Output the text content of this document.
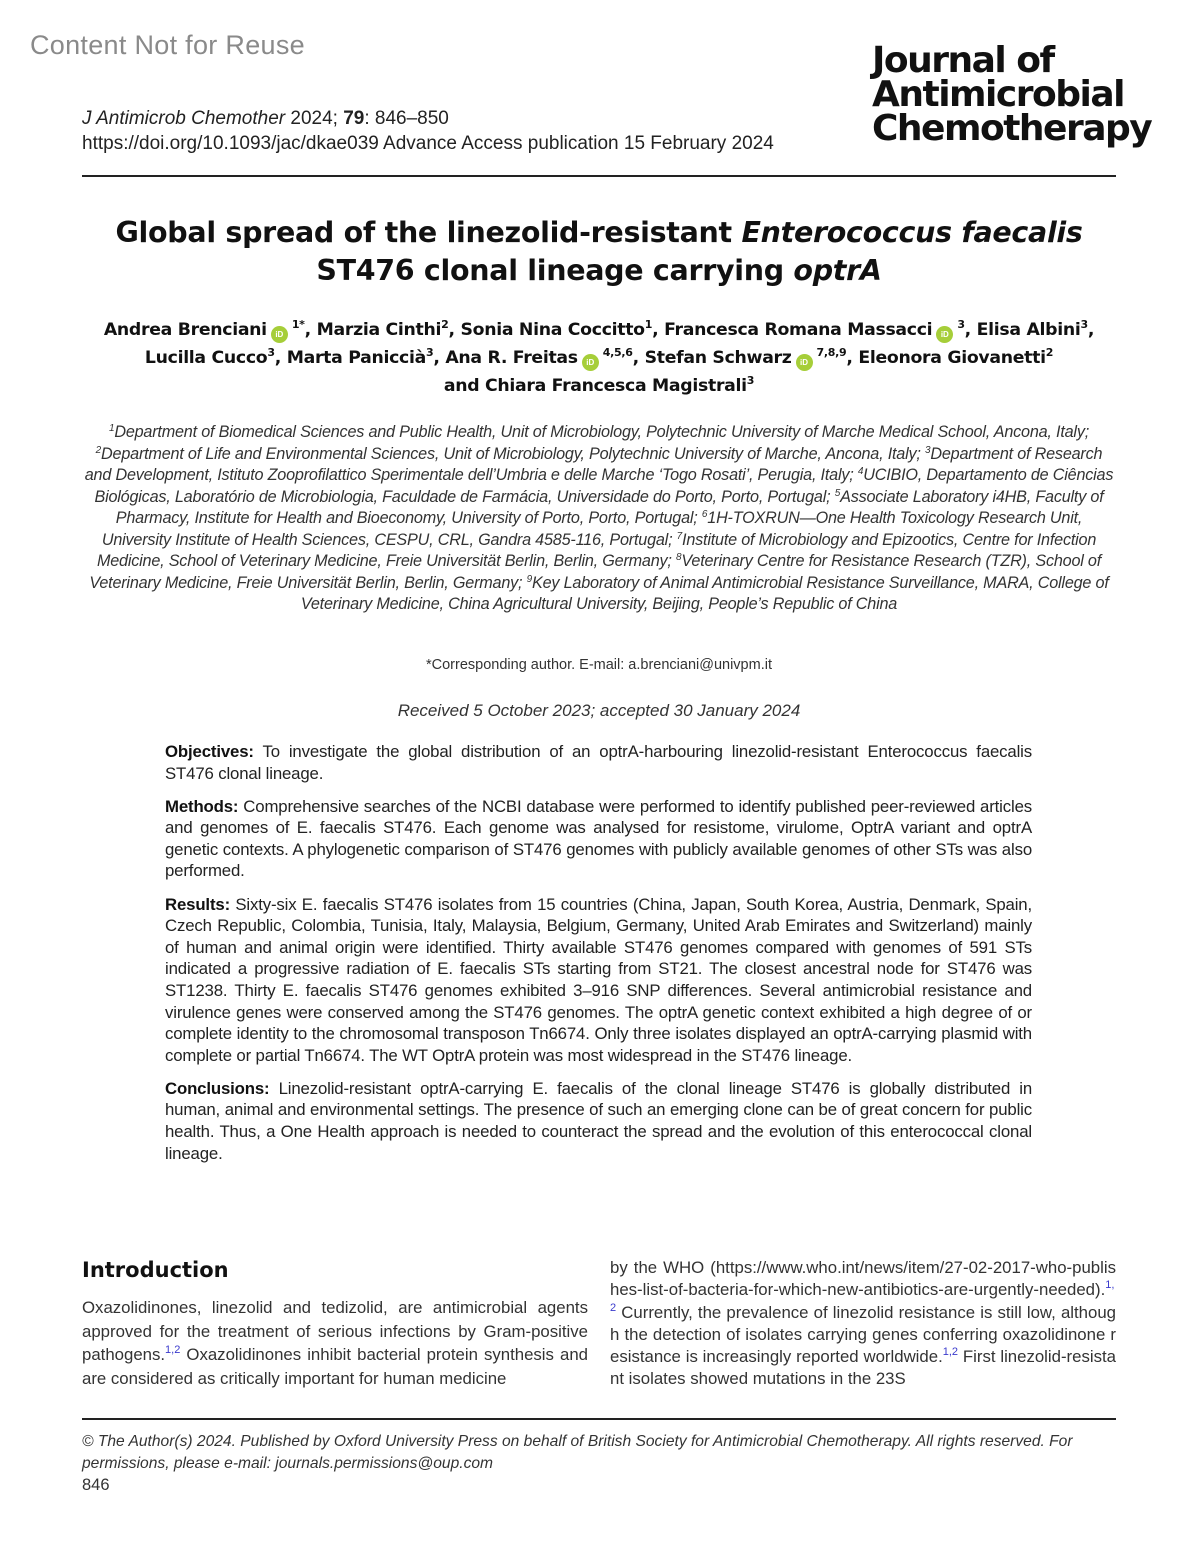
Content Not for Reuse
J Antimicrob Chemother 2024; 79: 846–850
https://doi.org/10.1093/jac/dkae039 Advance Access publication 15 February 2024
Journal of
Antimicrobial
Chemotherapy
Global spread of the linezolid-resistant Enterococcus faecalis ST476 clonal lineage carrying optrA
Andrea Brenciani $iD^{1*}$, Marzia Cinthi$^2$, Sonia Nina Coccitto$^1$, Francesca Romana Massacci $iD^3$, Elisa Albini$^3$, Lucilla Cucco$^3$, Marta Paniccià$^3$, Ana R. Freitas iD$^{4,5,6}$, Stefan Schwarz iD$^{7,8,9}$, Eleonora Giovanetti$^2$
and Chiara Francesca Magistrali$^3$
$^1$Department of Biomedical Sciences and Public Health, Unit of Microbiology, Polytechnic University of Marche Medical School, Ancona, Italy; $^2$Department of Life and Environmental Sciences, Unit of Microbiology, Polytechnic University of Marche, Ancona, Italy; $^3$Department of Research and Development, Istituto Zooprofilattico Sperimentale dell’Umbria e delle Marche ‘Togo Rosati’, Perugia, Italy; $^4$UCIBIO, Departamento de Ciências Biológicas, Laboratório de Microbiologia, Faculdade de Farmácia, Universidade do Porto, Porto, Portugal; $^5$Associate Laboratory i4HB, Faculty of Pharmacy, Institute for Health and Bioeconomy, University of Porto, Porto, Portugal; $^6$1H-TOXRUN—One Health Toxicology Research Unit, University Institute of Health Sciences, CESPU, CRL, Gandra 4585-116, Portugal; $^7$Institute of Microbiology and Epizootics, Centre for Infection Medicine, School of Veterinary Medicine, Freie Universität Berlin, Berlin, Germany; $^8$Veterinary Centre for Resistance Research (TZR), School of Veterinary Medicine, Freie Universität Berlin, Berlin, Germany; $^9$Key Laboratory of Animal Antimicrobial Resistance Surveillance, MARA, College of Veterinary Medicine, China Agricultural University, Beijing, People’s Republic of China
*Corresponding author. E-mail: a.brenciani@univpm.it
Received 5 October 2023; accepted 30 January 2024

Objectives: To investigate the global distribution of an optrA-harbouring linezolid-resistant Enterococcus faecalis ST476 clonal lineage.

Methods: Comprehensive searches of the NCBI database were performed to identify published peer-reviewed articles and genomes of E. faecalis ST476. Each genome was analysed for resistome, virulome, OptrA variant and optrA genetic contexts. A phylogenetic comparison of ST476 genomes with publicly available genomes of other STs was also performed.

Results: Sixty-six E. faecalis ST476 isolates from 15 countries (China, Japan, South Korea, Austria, Denmark, Spain, Czech Republic, Colombia, Tunisia, Italy, Malaysia, Belgium, Germany, United Arab Emirates and Switzerland) mainly of human and animal origin were identified. Thirty available ST476 genomes compared with genomes of 591 STs indicated a progressive radiation of E. faecalis STs starting from ST21. The closest ancestral node for ST476 was ST1238. Thirty E. faecalis ST476 genomes exhibited 3–916 SNP differences. Several antimicrobial resistance and virulence genes were conserved among the ST476 genomes. The optrA genetic context exhibited a high degree of or complete identity to the chromosomal transposon Tn6674. Only three isolates displayed an optrA-carrying plasmid with complete or partial Tn6674. The WT OptrA protein was most widespread in the ST476 lineage.

Conclusions: Linezolid-resistant optrA-carrying E. faecalis of the clonal lineage ST476 is globally distributed in human, animal and environmental settings. The presence of such an emerging clone can be of great concern for public health. Thus, a One Health approach is needed to counteract the spread and the evolution of this enterococcal clonal lineage.

Introduction
Oxazolidinones, linezolid and tedizolid, are antimicrobial agents approved for the treatment of serious infections by Gram-positive pathogens.$^{1,2}$ Oxazolidinones inhibit bacterial protein synthesis and are considered as critically important for human medicine
by the WHO (https://www.who.int/news/item/27-02-2017-who-publishes-list-of-bacteria-for-which-new-antibiotics-are-urgently-needed).$^{1,2}$ Currently, the prevalence of linezolid resistance is still low, although the detection of isolates carrying genes conferring oxazolidinone resistance is increasingly reported worldwide.$^{1,2}$ First linezolid-resistant isolates showed mutations in the 23S
© The Author(s) 2024. Published by Oxford University Press on behalf of British Society for Antimicrobial Chemotherapy. All rights reserved. For permissions, please e-mail: journals.permissions@oup.com
846
